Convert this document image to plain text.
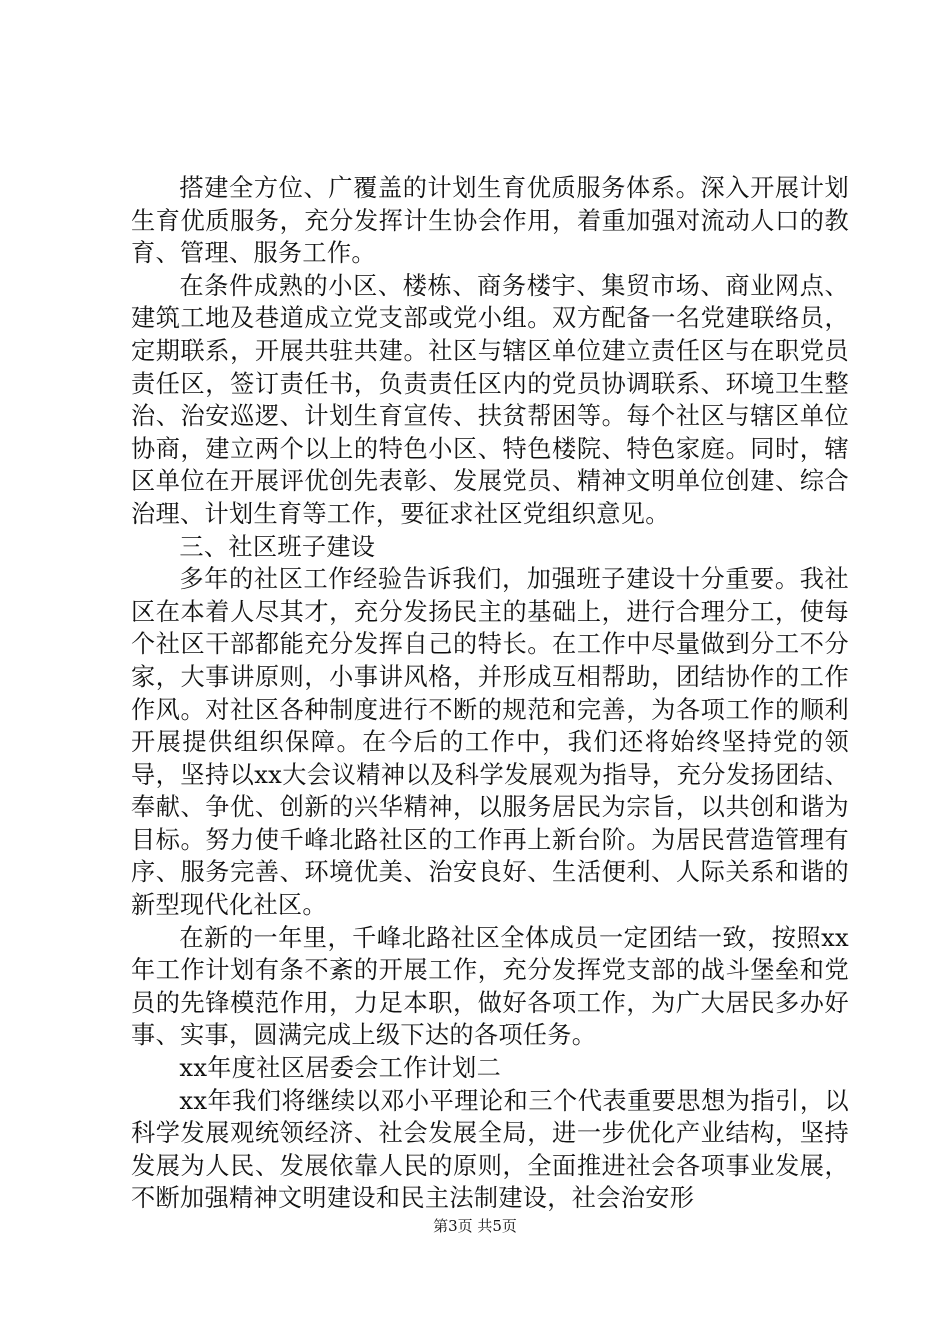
搭建全方位、广覆盖的计划生育优质服务体系。深入开展计划生育优质服务，充分发挥计生协会作用，着重加强对流动人口的教育、管理、服务工作。

在条件成熟的小区、楼栋、商务楼宇、集贸市场、商业网点、建筑工地及巷道成立党支部或党小组。双方配备一名党建联络员，定期联系，开展共驻共建。社区与辖区单位建立责任区与在职党员责任区，签订责任书，负责责任区内的党员协调联系、环境卫生整治、治安巡逻、计划生育宣传、扶贫帮困等。每个社区与辖区单位协商，建立两个以上的特色小区、特色楼院、特色家庭。同时，辖区单位在开展评优创先表彰、发展党员、精神文明单位创建、综合治理、计划生育等工作，要征求社区党组织意见。

三、社区班子建设

多年的社区工作经验告诉我们，加强班子建设十分重要。我社区在本着人尽其才，充分发扬民主的基础上，进行合理分工，使每个社区干部都能充分发挥自己的特长。在工作中尽量做到分工不分家，大事讲原则，小事讲风格，并形成互相帮助，团结协作的工作作风。对社区各种制度进行不断的规范和完善，为各项工作的顺利开展提供组织保障。在今后的工作中，我们还将始终坚持党的领导，坚持以xx大会议精神以及科学发展观为指导，充分发扬团结、奉献、争优、创新的兴华精神，以服务居民为宗旨，以共创和谐为目标。努力使千峰北路社区的工作再上新台阶。为居民营造管理有序、服务完善、环境优美、治安良好、生活便利、人际关系和谐的新型现代化社区。

在新的一年里，千峰北路社区全体成员一定团结一致，按照xx年工作计划有条不紊的开展工作，充分发挥党支部的战斗堡垒和党员的先锋模范作用，力足本职，做好各项工作，为广大居民多办好事、实事，圆满完成上级下达的各项任务。

xx年度社区居委会工作计划二

xx年我们将继续以邓小平理论和三个代表重要思想为指引，以科学发展观统领经济、社会发展全局，进一步优化产业结构，坚持发展为人民、发展依靠人民的原则，全面推进社会各项事业发展，不断加强精神文明建设和民主法制建设，社会治安形

第3页 共5页
